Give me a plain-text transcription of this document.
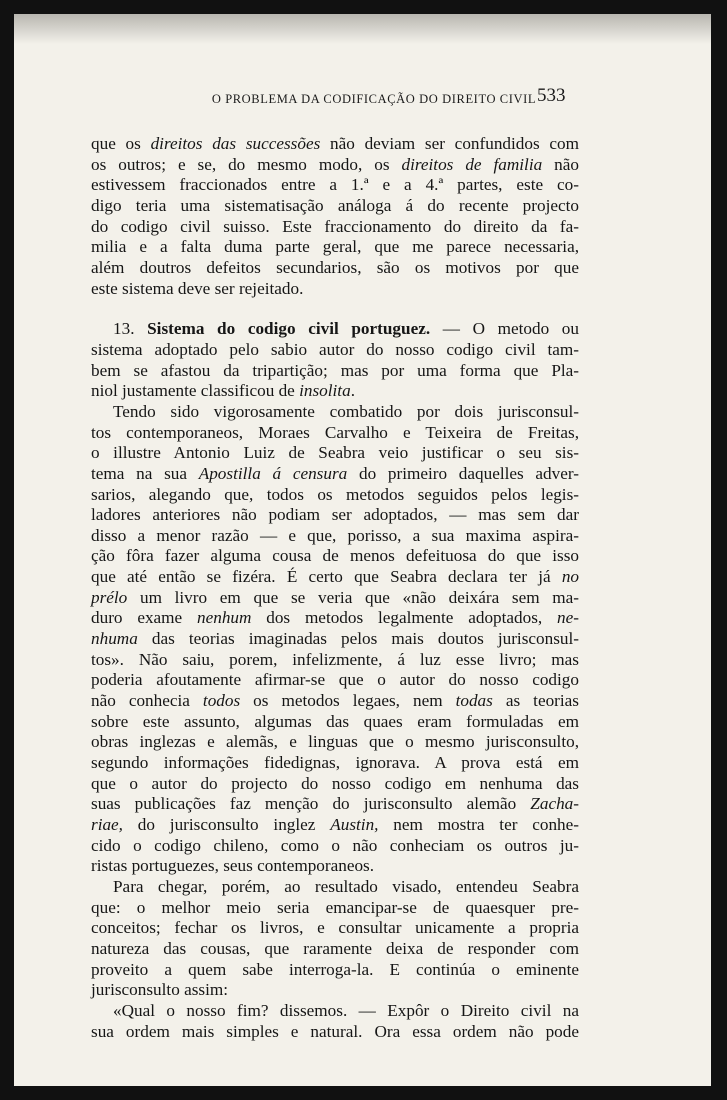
O PROBLEMA DA CODIFICAÇÃO DO DIREITO CIVIL 533
que os direitos das successões não deviam ser confundidos com
os outros; e se, do mesmo modo, os direitos de familia não
estivessem fraccionados entre a 1.ª e a 4.ª partes, este co-
digo teria uma sistematisação análoga á do recente projecto
do codigo civil suisso. Este fraccionamento do direito da fa-
milia e a falta duma parte geral, que me parece necessaria,
além doutros defeitos secundarios, são os motivos por que
este sistema deve ser rejeitado.
13. Sistema do codigo civil portuguez. — O metodo ou
sistema adoptado pelo sabio autor do nosso codigo civil tam-
bem se afastou da tripartição; mas por uma forma que Pla-
niol justamente classificou de insolita.
Tendo sido vigorosamente combatido por dois jurisconsul-
tos contemporaneos, Moraes Carvalho e Teixeira de Freitas,
o illustre Antonio Luiz de Seabra veio justificar o seu sis-
tema na sua Apostilla á censura do primeiro daquelles adver-
sarios, alegando que, todos os metodos seguidos pelos legis-
ladores anteriores não podiam ser adoptados, — mas sem dar
disso a menor razão — e que, porisso, a sua maxima aspira-
ção fôra fazer alguma cousa de menos defeituosa do que isso
que até então se fizéra. É certo que Seabra declara ter já no
prélo um livro em que se veria que «não deixára sem ma-
duro exame nenhum dos metodos legalmente adoptados, ne-
nhuma das teorias imaginadas pelos mais doutos jurisconsul-
tos». Não saiu, porem, infelizmente, á luz esse livro; mas
poderia afoutamente afirmar-se que o autor do nosso codigo
não conhecia todos os metodos legaes, nem todas as teorias
sobre este assunto, algumas das quaes eram formuladas em
obras inglezas e alemãs, e linguas que o mesmo jurisconsulto,
segundo informações fidedignas, ignorava. A prova está em
que o autor do projecto do nosso codigo em nenhuma das
suas publicações faz menção do jurisconsulto alemão Zacha-
riae, do jurisconsulto inglez Austin, nem mostra ter conhe-
cido o codigo chileno, como o não conheciam os outros ju-
ristas portuguezes, seus contemporaneos.
Para chegar, porém, ao resultado visado, entendeu Seabra
que: o melhor meio seria emancipar-se de quaesquer pre-
conceitos; fechar os livros, e consultar unicamente a propria
natureza das cousas, que raramente deixa de responder com
proveito a quem sabe interroga-la. E continúa o eminente
jurisconsulto assim:
«Qual o nosso fim? dissemos. — Expôr o Direito civil na
sua ordem mais simples e natural. Ora essa ordem não pode
